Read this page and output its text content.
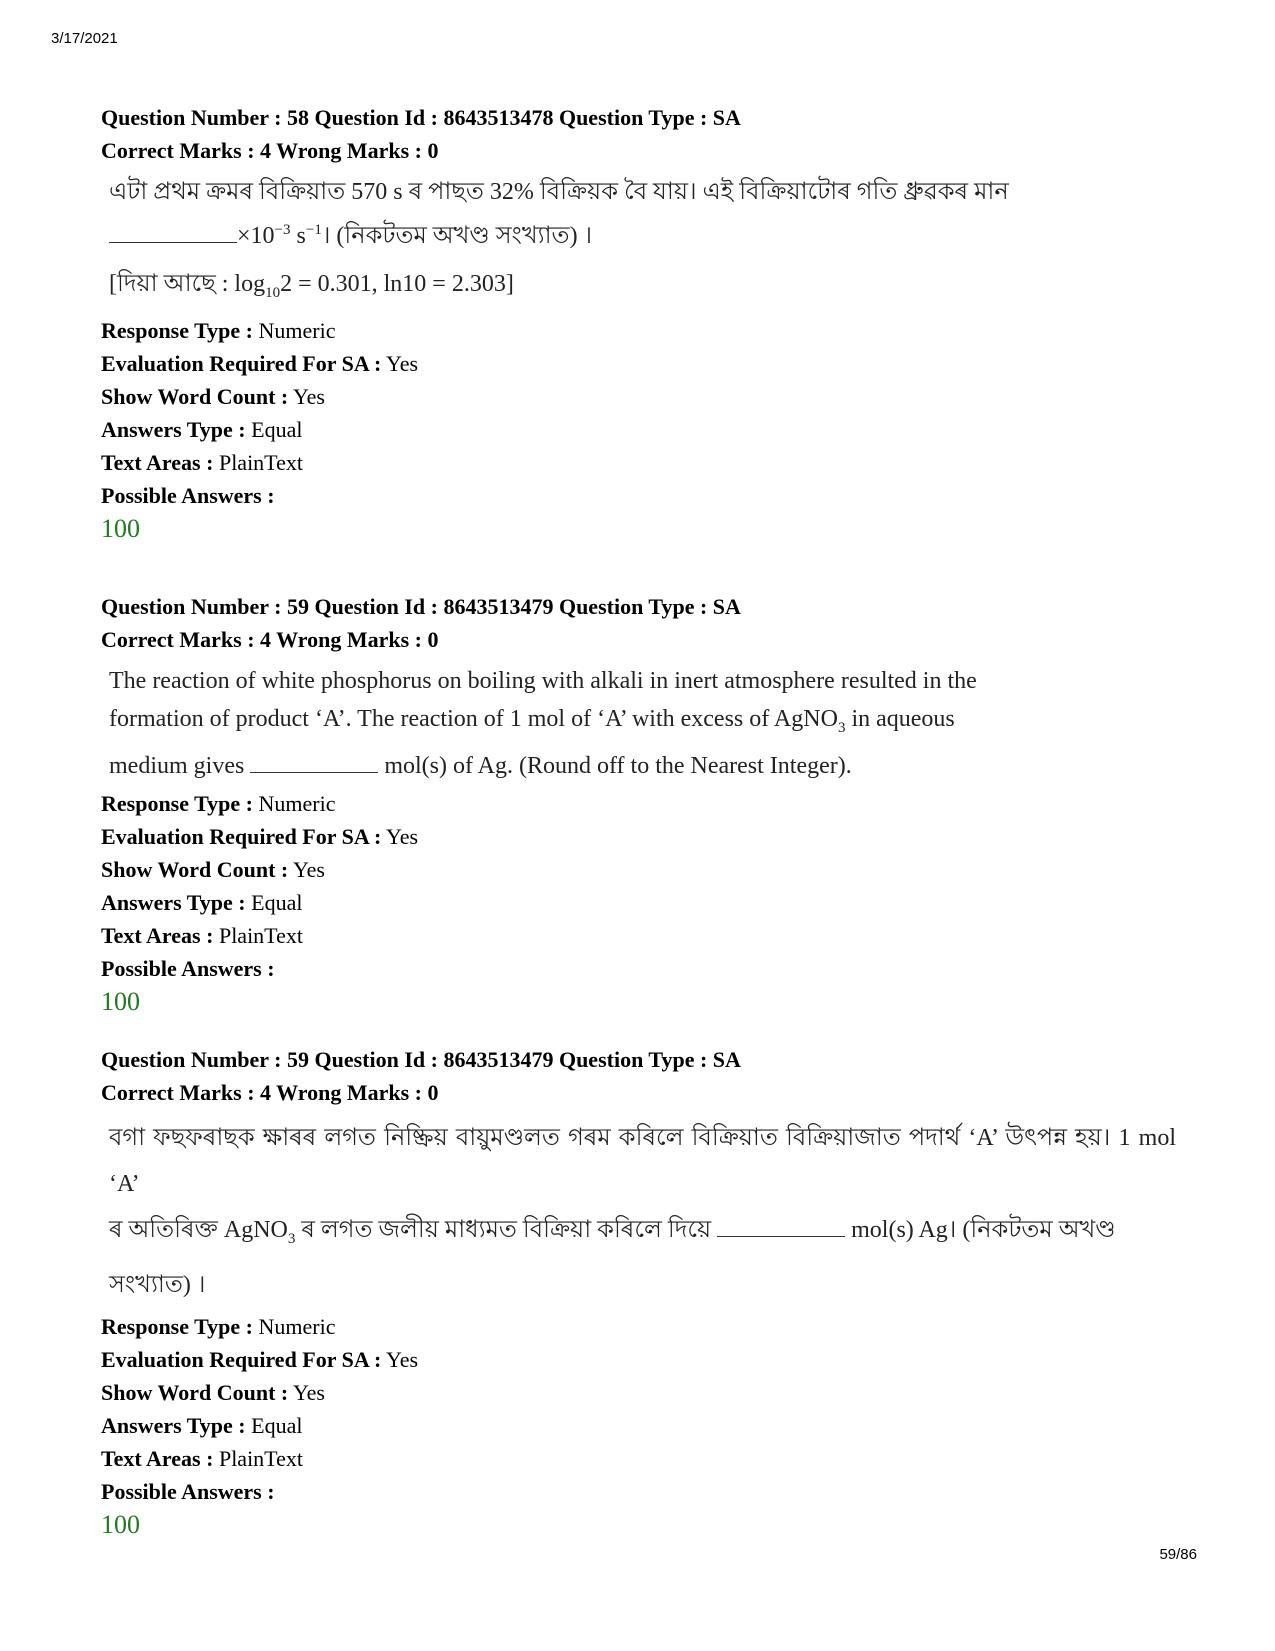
3/17/2021
Question Number : 58 Question Id : 8643513478 Question Type : SA
Correct Marks : 4 Wrong Marks : 0

এটা প্ৰথম ক্ৰমৰ বিক্ৰিয়াত 570 s ৰ পাছত 32% বিক্ৰিয়ক বৈ যায়। এই বিক্ৰিয়াটোৰ গতি ধ্ৰুৱকৰ মান

$\times 10^{-3}$ $s^{-1}।$ (নিকটতম অখণ্ড সংখ্যাত) ।

[দিয়া আছে : $\log_{10}2 = 0.301$, ln10 = 2.303]

Response Type : Numeric
Evaluation Required For SA : Yes
Show Word Count : Yes
Answers Type : Equal
Text Areas : PlainText
Possible Answers :
100
Question Number : 59 Question Id : 8643513479 Question Type : SA
Correct Marks : 4 Wrong Marks : 0

The reaction of white phosphorus on boiling with alkali in inert atmosphere resulted in the

formation of product ‘A’. The reaction of 1 mol of ‘A’ with excess of AgNO$_3$ in aqueous

medium gives	mol(s) of Ag. (Round off to the Nearest Integer).

Response Type : Numeric
Evaluation Required For SA : Yes
Show Word Count : Yes
Answers Type : Equal
Text Areas : PlainText
Possible Answers :
100
Question Number : 59 Question Id : 8643513479 Question Type : SA
Correct Marks : 4 Wrong Marks : 0

বগা ফছফৰাছক ক্ষাৰৰ লগত নিষ্ক্ৰিয় বায়ুমণ্ডলত গৰম কৰিলে বিক্ৰিয়াত বিক্ৰিয়াজাত পদাৰ্থ ‘A’ উৎপন্ন হয়। 1 mol ‘A’

ৰ অতিৰিক্ত AgNO$_3$ ৰ লগত জলীয় মাধ্যমত বিক্ৰিয়া কৰিলে দিয়ে	mol(s) Ag। (নিকটতম অখণ্ড

সংখ্যাত) ।

Response Type : Numeric
Evaluation Required For SA : Yes
Show Word Count : Yes
Answers Type : Equal
Text Areas : PlainText
Possible Answers :
100
59/86
